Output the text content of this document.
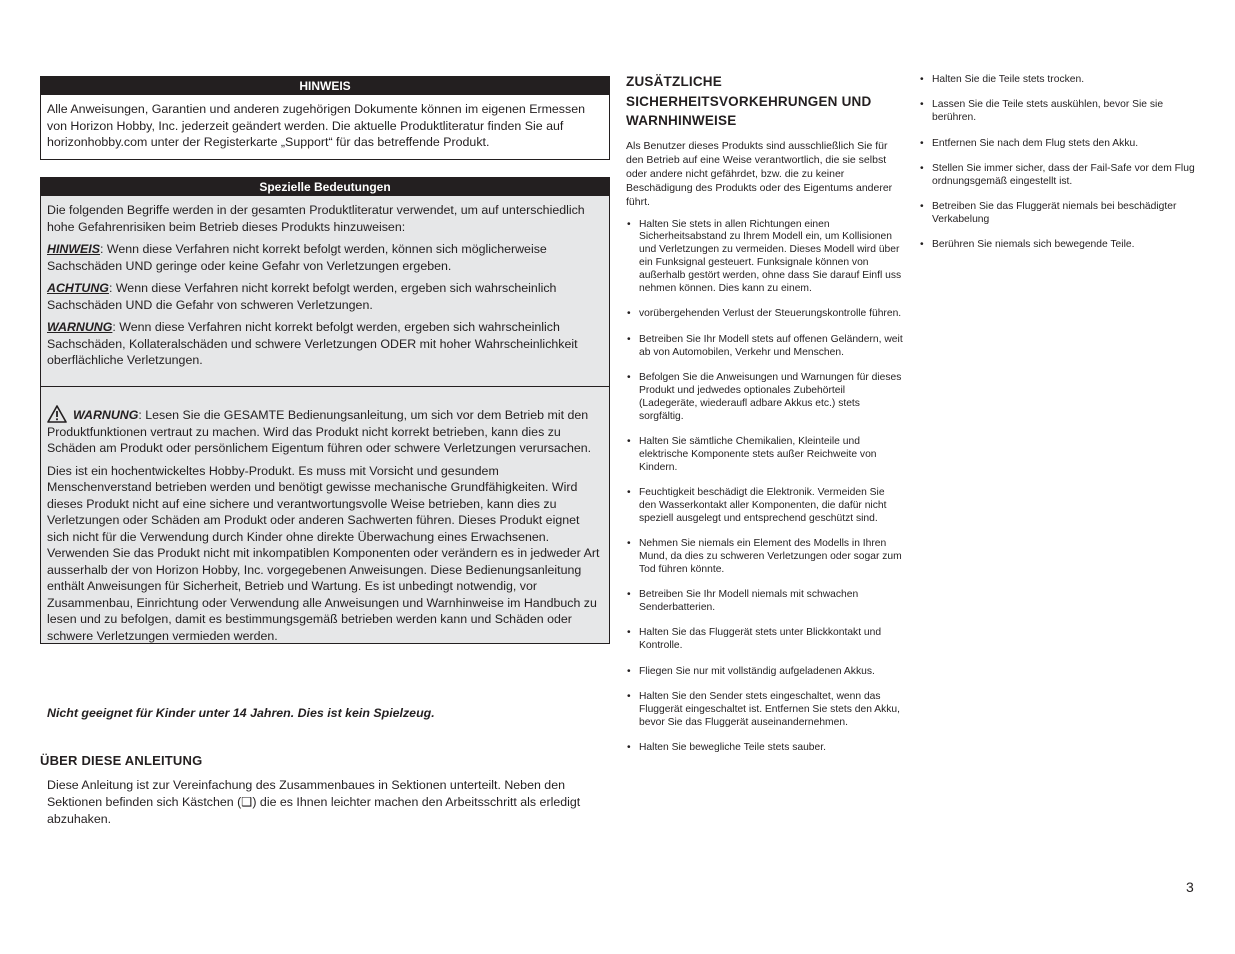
HINWEIS

Alle Anweisungen, Garantien und anderen zugehörigen Dokumente können im eigenen Ermessen von Horizon Hobby, Inc. jederzeit geändert werden. Die aktuelle Produktliteratur finden Sie auf horizonhobby.com unter der Registerkarte „Support“ für das betreffende Produkt.

Spezielle Bedeutungen

Die folgenden Begriffe werden in der gesamten Produktliteratur verwendet, um auf unterschiedlich hohe Gefahrenrisiken beim Betrieb dieses Produkts hinzuweisen:

HINWEIS: Wenn diese Verfahren nicht korrekt befolgt werden, können sich möglicherweise Sachschäden UND geringe oder keine Gefahr von Verletzungen ergeben.

ACHTUNG: Wenn diese Verfahren nicht korrekt befolgt werden, ergeben sich wahrscheinlich Sachschäden UND die Gefahr von schweren Verletzungen.

WARNUNG: Wenn diese Verfahren nicht korrekt befolgt werden, ergeben sich wahrscheinlich Sachschäden, Kollateralschäden und schwere Verletzungen ODER mit hoher Wahrscheinlichkeit oberflächliche Verletzungen.

WARNUNG: Lesen Sie die GESAMTE Bedienungsanleitung, um sich vor dem Betrieb mit den Produktfunktionen vertraut zu machen. Wird das Produkt nicht korrekt betrieben, kann dies zu Schäden am Produkt oder persönlichem Eigentum führen oder schwere Verletzungen verursachen.

Dies ist ein hochentwickeltes Hobby-Produkt. Es muss mit Vorsicht und gesundem Menschenverstand betrieben werden und benötigt gewisse mechanische Grundfähigkeiten. Wird dieses Produkt nicht auf eine sichere und verantwortungsvolle Weise betrieben, kann dies zu Verletzungen oder Schäden am Produkt oder anderen Sachwerten führen. Dieses Produkt eignet sich nicht für die Verwendung durch Kinder ohne direkte Überwachung eines Erwachsenen. Verwenden Sie das Produkt nicht mit inkompatiblen Komponenten oder verändern es in jedweder Art ausserhalb der von Horizon Hobby, Inc. vorgegebenen Anweisungen. Diese Bedienungsanleitung enthält Anweisungen für Sicherheit, Betrieb und Wartung. Es ist unbedingt notwendig, vor Zusammenbau, Einrichtung oder Verwendung alle Anweisungen und Warnhinweise im Handbuch zu lesen und zu befolgen, damit es bestimmungsgemäß betrieben werden kann und Schäden oder schwere Verletzungen vermieden werden.

Nicht geeignet für Kinder unter 14 Jahren. Dies ist kein Spielzeug.
ÜBER DIESE ANLEITUNG

Diese Anleitung ist zur Vereinfachung des Zusammenbaues in Sektionen unterteilt. Neben den Sektionen befinden sich Kästchen (❑) die es Ihnen leichter machen den Arbeitsschritt als erledigt abzuhaken.

ZUSÄTZLICHE SICHERHEITSVORKEHRUNGEN UND WARNHINWEISE

Als Benutzer dieses Produkts sind ausschließlich Sie für den Betrieb auf eine Weise verantwortlich, die sie selbst oder andere nicht gefährdet, bzw. die zu keiner Beschädigung des Produkts oder des Eigentums anderer führt.

• Halten Sie stets in allen Richtungen einen Sicherheitsabstand zu Ihrem Modell ein, um Kollisionen und Verletzungen zu vermeiden. Dieses Modell wird über ein Funksignal gesteuert. Funksignale können von außerhalb gestört werden, ohne dass Sie darauf Einfl uss nehmen können. Dies kann zu einem.
• vorübergehenden Verlust der Steuerungskontrolle führen.
• Betreiben Sie Ihr Modell stets auf offenen Geländern, weit ab von Automobilen, Verkehr und Menschen.
• Befolgen Sie die Anweisungen und Warnungen für dieses Produkt und jedwedes optionales Zubehörteil (Ladegeräte, wiederaufl adbare Akkus etc.) stets sorgfältig.
• Halten Sie sämtliche Chemikalien, Kleinteile und elektrische Komponente stets außer Reichweite von Kindern.
• Feuchtigkeit beschädigt die Elektronik. Vermeiden Sie den Wasserkontakt aller Komponenten, die dafür nicht speziell ausgelegt und entsprechend geschützt sind.
• Nehmen Sie niemals ein Element des Modells in Ihren Mund, da dies zu schweren Verletzungen oder sogar zum Tod führen könnte.
• Betreiben Sie Ihr Modell niemals mit schwachen Senderbatterien.
• Halten Sie das Fluggerät stets unter Blickkontakt und Kontrolle.
• Fliegen Sie nur mit vollständig aufgeladenen Akkus.
• Halten Sie den Sender stets eingeschaltet, wenn das Fluggerät eingeschaltet ist. Entfernen Sie stets den Akku, bevor Sie das Fluggerät auseinandernehmen.
• Halten Sie bewegliche Teile stets sauber.
• Halten Sie die Teile stets trocken.
• Lassen Sie die Teile stets auskühlen, bevor Sie sie berühren.
• Entfernen Sie nach dem Flug stets den Akku.
• Stellen Sie immer sicher, dass der Fail-Safe vor dem Flug ordnungsgemäß eingestellt ist.
• Betreiben Sie das Fluggerät niemals bei beschädigter Verkabelung
• Berühren Sie niemals sich bewegende Teile.
3
